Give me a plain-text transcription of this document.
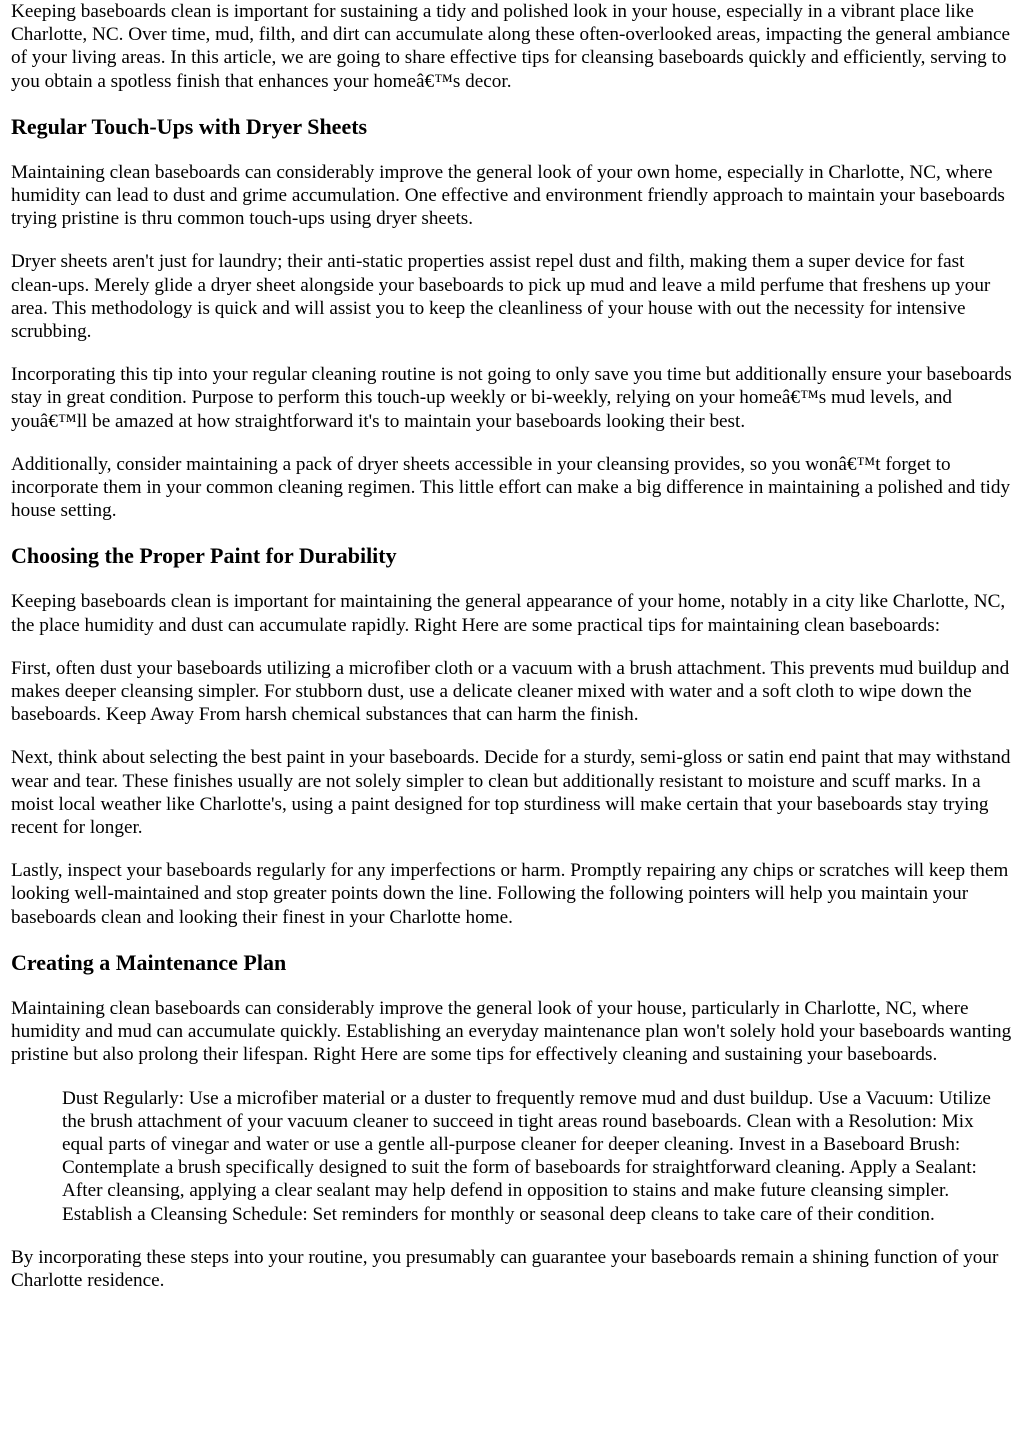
Keeping baseboards clean is important for sustaining a tidy and polished look in your house, especially in a vibrant place like Charlotte, NC. Over time, mud, filth, and dirt can accumulate along these often-overlooked areas, impacting the general ambiance of your living areas. In this article, we are going to share effective tips for cleansing baseboards quickly and efficiently, serving to you obtain a spotless finish that enhances your homeâ€™s decor.

Regular Touch-Ups with Dryer Sheets

Maintaining clean baseboards can considerably improve the general look of your own home, especially in Charlotte, NC, where humidity can lead to dust and grime accumulation. One effective and environment friendly approach to maintain your baseboards trying pristine is thru common touch-ups using dryer sheets.

Dryer sheets aren't just for laundry; their anti-static properties assist repel dust and filth, making them a super device for fast clean-ups. Merely glide a dryer sheet alongside your baseboards to pick up mud and leave a mild perfume that freshens up your area. This methodology is quick and will assist you to keep the cleanliness of your house with out the necessity for intensive scrubbing.

Incorporating this tip into your regular cleaning routine is not going to only save you time but additionally ensure your baseboards stay in great condition. Purpose to perform this touch-up weekly or bi-weekly, relying on your homeâ€™s mud levels, and youâ€™ll be amazed at how straightforward it's to maintain your baseboards looking their best.

Additionally, consider maintaining a pack of dryer sheets accessible in your cleansing provides, so you wonâ€™t forget to incorporate them in your common cleaning regimen. This little effort can make a big difference in maintaining a polished and tidy house setting.

Choosing the Proper Paint for Durability

Keeping baseboards clean is important for maintaining the general appearance of your home, notably in a city like Charlotte, NC, the place humidity and dust can accumulate rapidly. Right Here are some practical tips for maintaining clean baseboards:

First, often dust your baseboards utilizing a microfiber cloth or a vacuum with a brush attachment. This prevents mud buildup and makes deeper cleansing simpler. For stubborn dust, use a delicate cleaner mixed with water and a soft cloth to wipe down the baseboards. Keep Away From harsh chemical substances that can harm the finish.

Next, think about selecting the best paint in your baseboards. Decide for a sturdy, semi-gloss or satin end paint that may withstand wear and tear. These finishes usually are not solely simpler to clean but additionally resistant to moisture and scuff marks. In a moist local weather like Charlotte's, using a paint designed for top sturdiness will make certain that your baseboards stay trying recent for longer.

Lastly, inspect your baseboards regularly for any imperfections or harm. Promptly repairing any chips or scratches will keep them looking well-maintained and stop greater points down the line. Following the following pointers will help you maintain your baseboards clean and looking their finest in your Charlotte home.

Creating a Maintenance Plan

Maintaining clean baseboards can considerably improve the general look of your house, particularly in Charlotte, NC, where humidity and mud can accumulate quickly. Establishing an everyday maintenance plan won't solely hold your baseboards wanting pristine but also prolong their lifespan. Right Here are some tips for effectively cleaning and sustaining your baseboards.

Dust Regularly: Use a microfiber material or a duster to frequently remove mud and dust buildup. Use a Vacuum: Utilize the brush attachment of your vacuum cleaner to succeed in tight areas round baseboards. Clean with a Resolution: Mix equal parts of vinegar and water or use a gentle all-purpose cleaner for deeper cleaning. Invest in a Baseboard Brush: Contemplate a brush specifically designed to suit the form of baseboards for straightforward cleaning. Apply a Sealant: After cleansing, applying a clear sealant may help defend in opposition to stains and make future cleansing simpler. Establish a Cleansing Schedule: Set reminders for monthly or seasonal deep cleans to take care of their condition.

By incorporating these steps into your routine, you presumably can guarantee your baseboards remain a shining function of your Charlotte residence.
